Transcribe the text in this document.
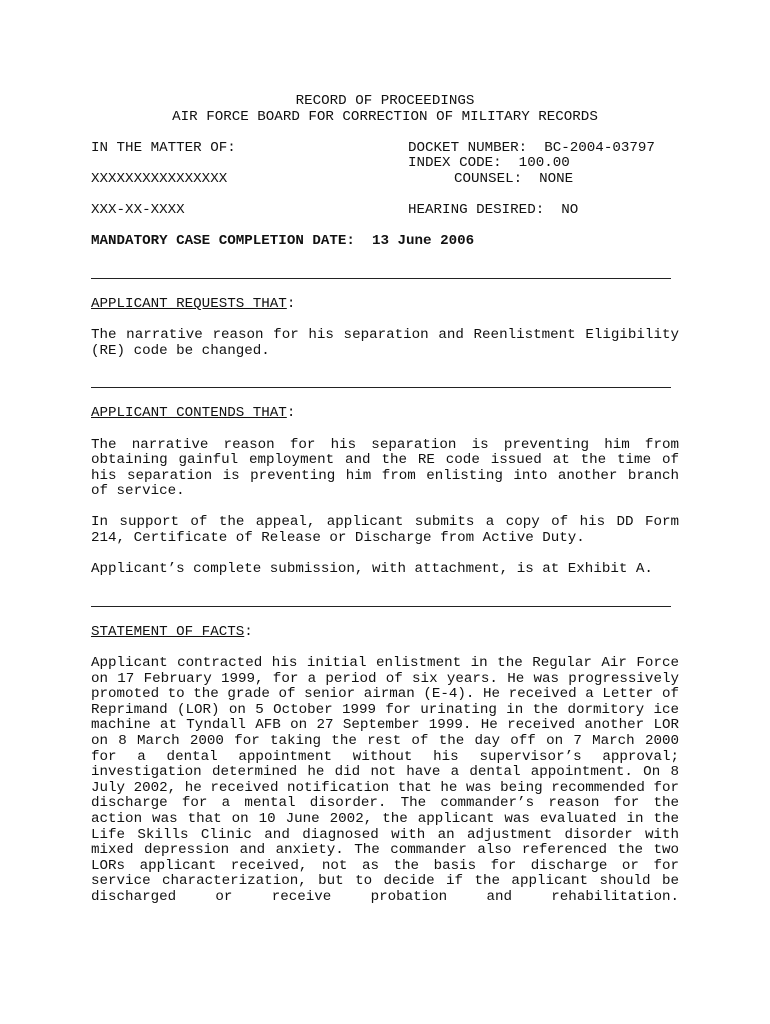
RECORD OF PROCEEDINGS
AIR FORCE BOARD FOR CORRECTION OF MILITARY RECORDS
IN THE MATTER OF:	DOCKET NUMBER:  BC-2004-03797
INDEX CODE:  100.00
XXXXXXXXXXXXXXXX	COUNSEL:  NONE
XXX-XX-XXXX	HEARING DESIRED:  NO
MANDATORY CASE COMPLETION DATE: 13 June 2006
APPLICANT REQUESTS THAT:
The narrative reason for his separation and Reenlistment Eligibility (RE) code be changed.
APPLICANT CONTENDS THAT:
The narrative reason for his separation is preventing him from obtaining gainful employment and the RE code issued at the time of his separation is preventing him from enlisting into another branch of service.
In support of the appeal, applicant submits a copy of his DD Form 214, Certificate of Release or Discharge from Active Duty.
Applicant’s complete submission, with attachment, is at Exhibit A.
STATEMENT OF FACTS:
Applicant contracted his initial enlistment in the Regular Air Force on 17 February 1999, for a period of six years. He was progressively promoted to the grade of senior airman (E-4). He received a Letter of Reprimand (LOR) on 5 October 1999 for urinating in the dormitory ice machine at Tyndall AFB on 27 September 1999. He received another LOR on 8 March 2000 for taking the rest of the day off on 7 March 2000 for a dental appointment without his supervisor’s approval; investigation determined he did not have a dental appointment. On 8 July 2002, he received notification that he was being recommended for discharge for a mental disorder. The commander’s reason for the action was that on 10 June 2002, the applicant was evaluated in the Life Skills Clinic and diagnosed with an adjustment disorder with mixed depression and anxiety. The commander also referenced the two LORs applicant received, not as the basis for discharge or for service characterization, but to decide if the applicant should be discharged or receive probation and rehabilitation.
